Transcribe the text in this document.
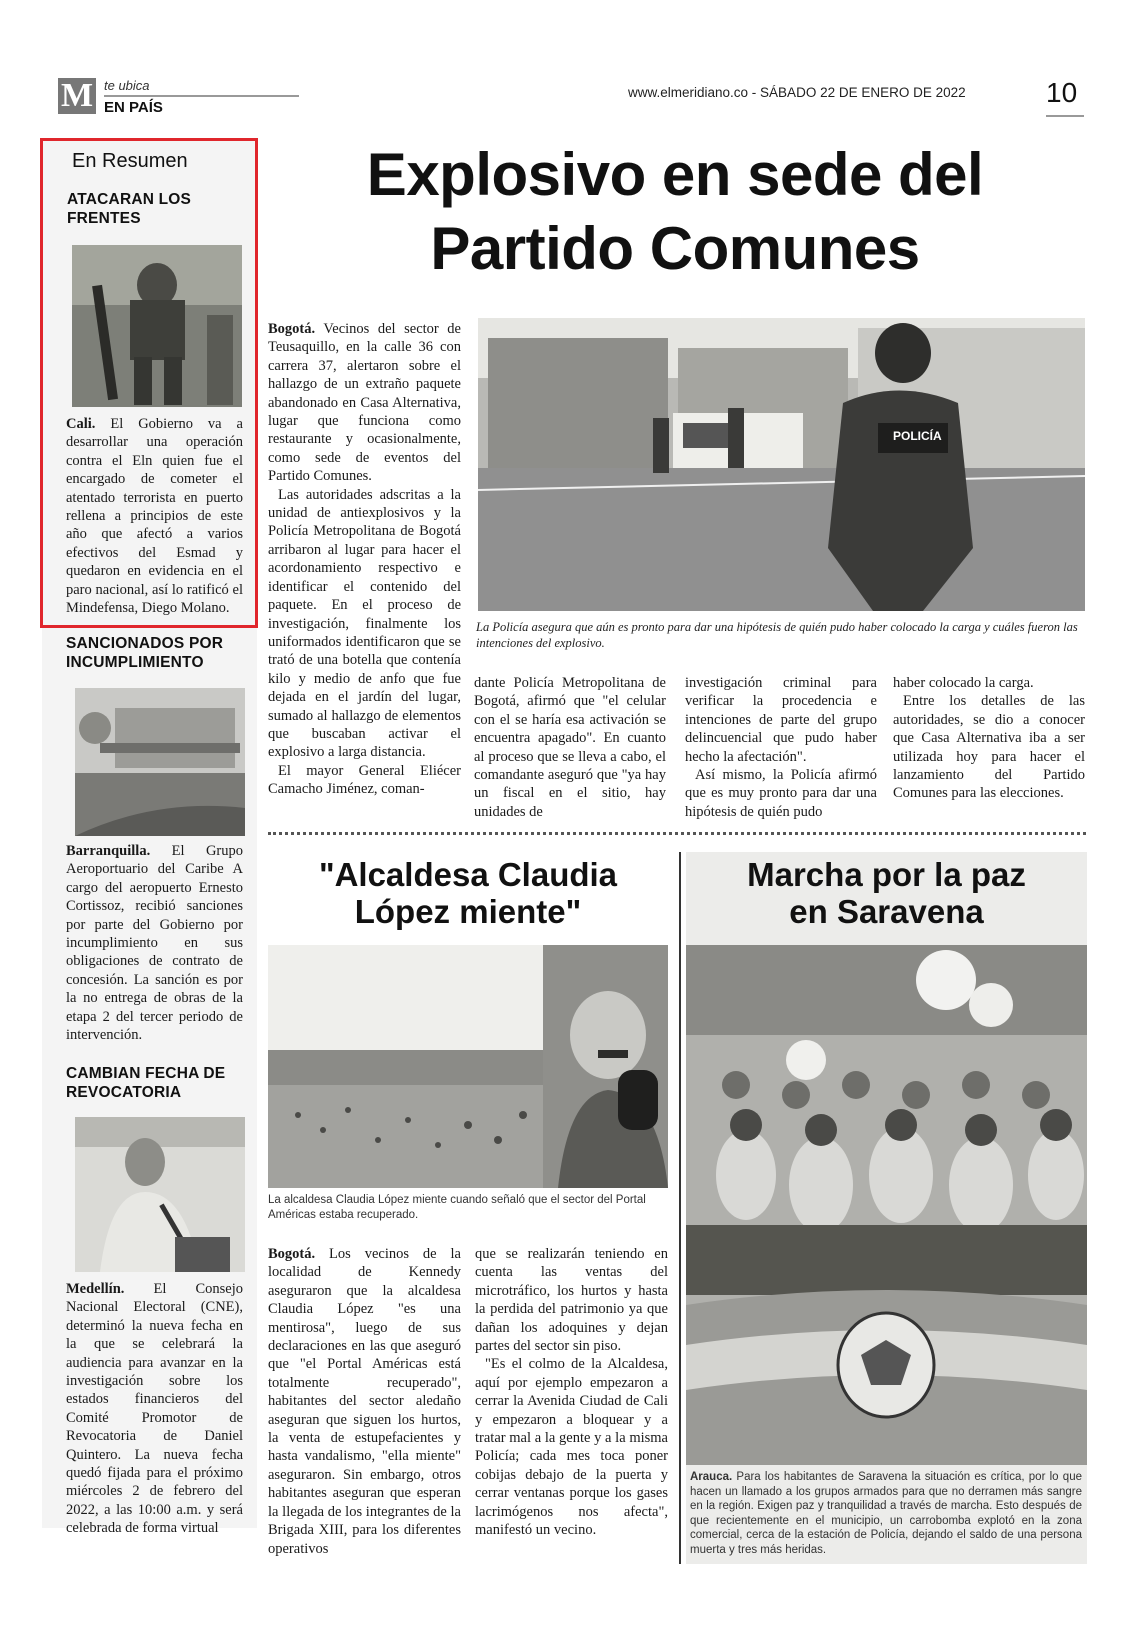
M te ubica
EN PAÍS
www.elmeridiano.co - SÁBADO 22 DE ENERO DE 2022	10
En Resumen
ATACARAN LOS FRENTES
Cali. El Gobierno va a desarrollar una operación contra el Eln quien fue el encargado de cometer el atentado terrorista en puerto rellena a principios de este año que afectó a varios efectivos del Esmad y quedaron en evidencia en el paro nacional, así lo ratificó el Mindefensa, Diego Molano.
SANCIONADOS POR INCUMPLIMIENTO
Barranquilla. El Grupo Aeroportuario del Caribe A cargo del aeropuerto Ernesto Cortissoz, recibió sanciones por parte del Gobierno por incumplimiento en sus obligaciones de contrato de concesión. La sanción es por la no entrega de obras de la etapa 2 del tercer periodo de intervención.
CAMBIAN FECHA DE REVOCATORIA
Medellín. El Consejo Nacional Electoral (CNE), determinó la nueva fecha en la que se celebrará la audiencia para avanzar en la investigación sobre los estados financieros del Comité Promotor de Revocatoria de Daniel Quintero. La nueva fecha quedó fijada para el próximo miércoles 2 de febrero del 2022, a las 10:00 a.m. y será celebrada de forma virtual
Explosivo en sede del
Partido Comunes
POLICÍA
La Policía asegura que aún es pronto para dar una hipótesis de quién pudo haber colocado la carga y cuáles fueron las intenciones del explosivo.
Bogotá. Vecinos del sector de Teusaquillo, en la calle 36 con carrera 37, alertaron sobre el hallazgo de un extraño paquete abandonado en Casa Alternativa, lugar que funciona como restaurante y ocasionalmente, como sede de eventos del Partido Comunes.
Las autoridades adscritas a la unidad de antiexplosivos y la Policía Metropolitana de Bogotá arribaron al lugar para hacer el acordonamiento respectivo e identificar el contenido del paquete. En el proceso de investigación, finalmente los uniformados identificaron que se trató de una botella que contenía kilo y medio de anfo que fue dejada en el jardín del lugar, sumado al hallazgo de elementos que buscaban activar el explosivo a larga distancia.
El mayor General Eliécer Camacho Jiménez, coman-
dante Policía Metropolitana de Bogotá, afirmó que "el celular con el se haría esa activación se encuentra apagado". En cuanto al proceso que se lleva a cabo, el comandante aseguró que "ya hay un fiscal en el sitio, hay unidades de
investigación criminal para verificar la procedencia e intenciones de parte del grupo delincuencial que pudo haber hecho la afectación".
Así mismo, la Policía afirmó que es muy pronto para dar una hipótesis de quién pudo
haber colocado la carga.
Entre los detalles de las autoridades, se dio a conocer que Casa Alternativa iba a ser utilizada hoy para hacer el lanzamiento del Partido Comunes para las elecciones.
"Alcaldesa Claudia
López miente"
La alcaldesa Claudia López miente cuando señaló que el sector del Portal Américas estaba recuperado.
Bogotá. Los vecinos de la localidad de Kennedy aseguraron que la alcaldesa Claudia López "es una mentirosa", luego de sus declaraciones en las que aseguró que "el Portal Américas está totalmente recuperado", habitantes del sector aledaño aseguran que siguen los hurtos, la venta de estupefacientes y hasta vandalismo, "ella miente" aseguraron. Sin embargo, otros habitantes aseguran que esperan la llegada de los integrantes de la Brigada XIII, para los diferentes operativos
que se realizarán teniendo en cuenta las ventas del microtráfico, los hurtos y hasta la perdida del patrimonio ya que dañan los adoquines y dejan partes del sector sin piso.
"Es el colmo de la Alcaldesa, aquí por ejemplo empezaron a cerrar la Avenida Ciudad de Cali y empezaron a bloquear y a tratar mal a la gente y a la misma Policía; cada mes toca poner cobijas debajo de la puerta y cerrar ventanas porque los gases lacrimógenos nos afecta", manifestó un vecino.
Marcha por la paz
en Saravena
Arauca. Para los habitantes de Saravena la situación es crítica, por lo que hacen un llamado a los grupos armados para que no derramen más sangre en la región. Exigen paz y tranquilidad a través de marcha. Esto después de que recientemente en el municipio, un carrobomba explotó en la zona comercial, cerca de la estación de Policía, dejando el saldo de una persona muerta y tres más heridas.
